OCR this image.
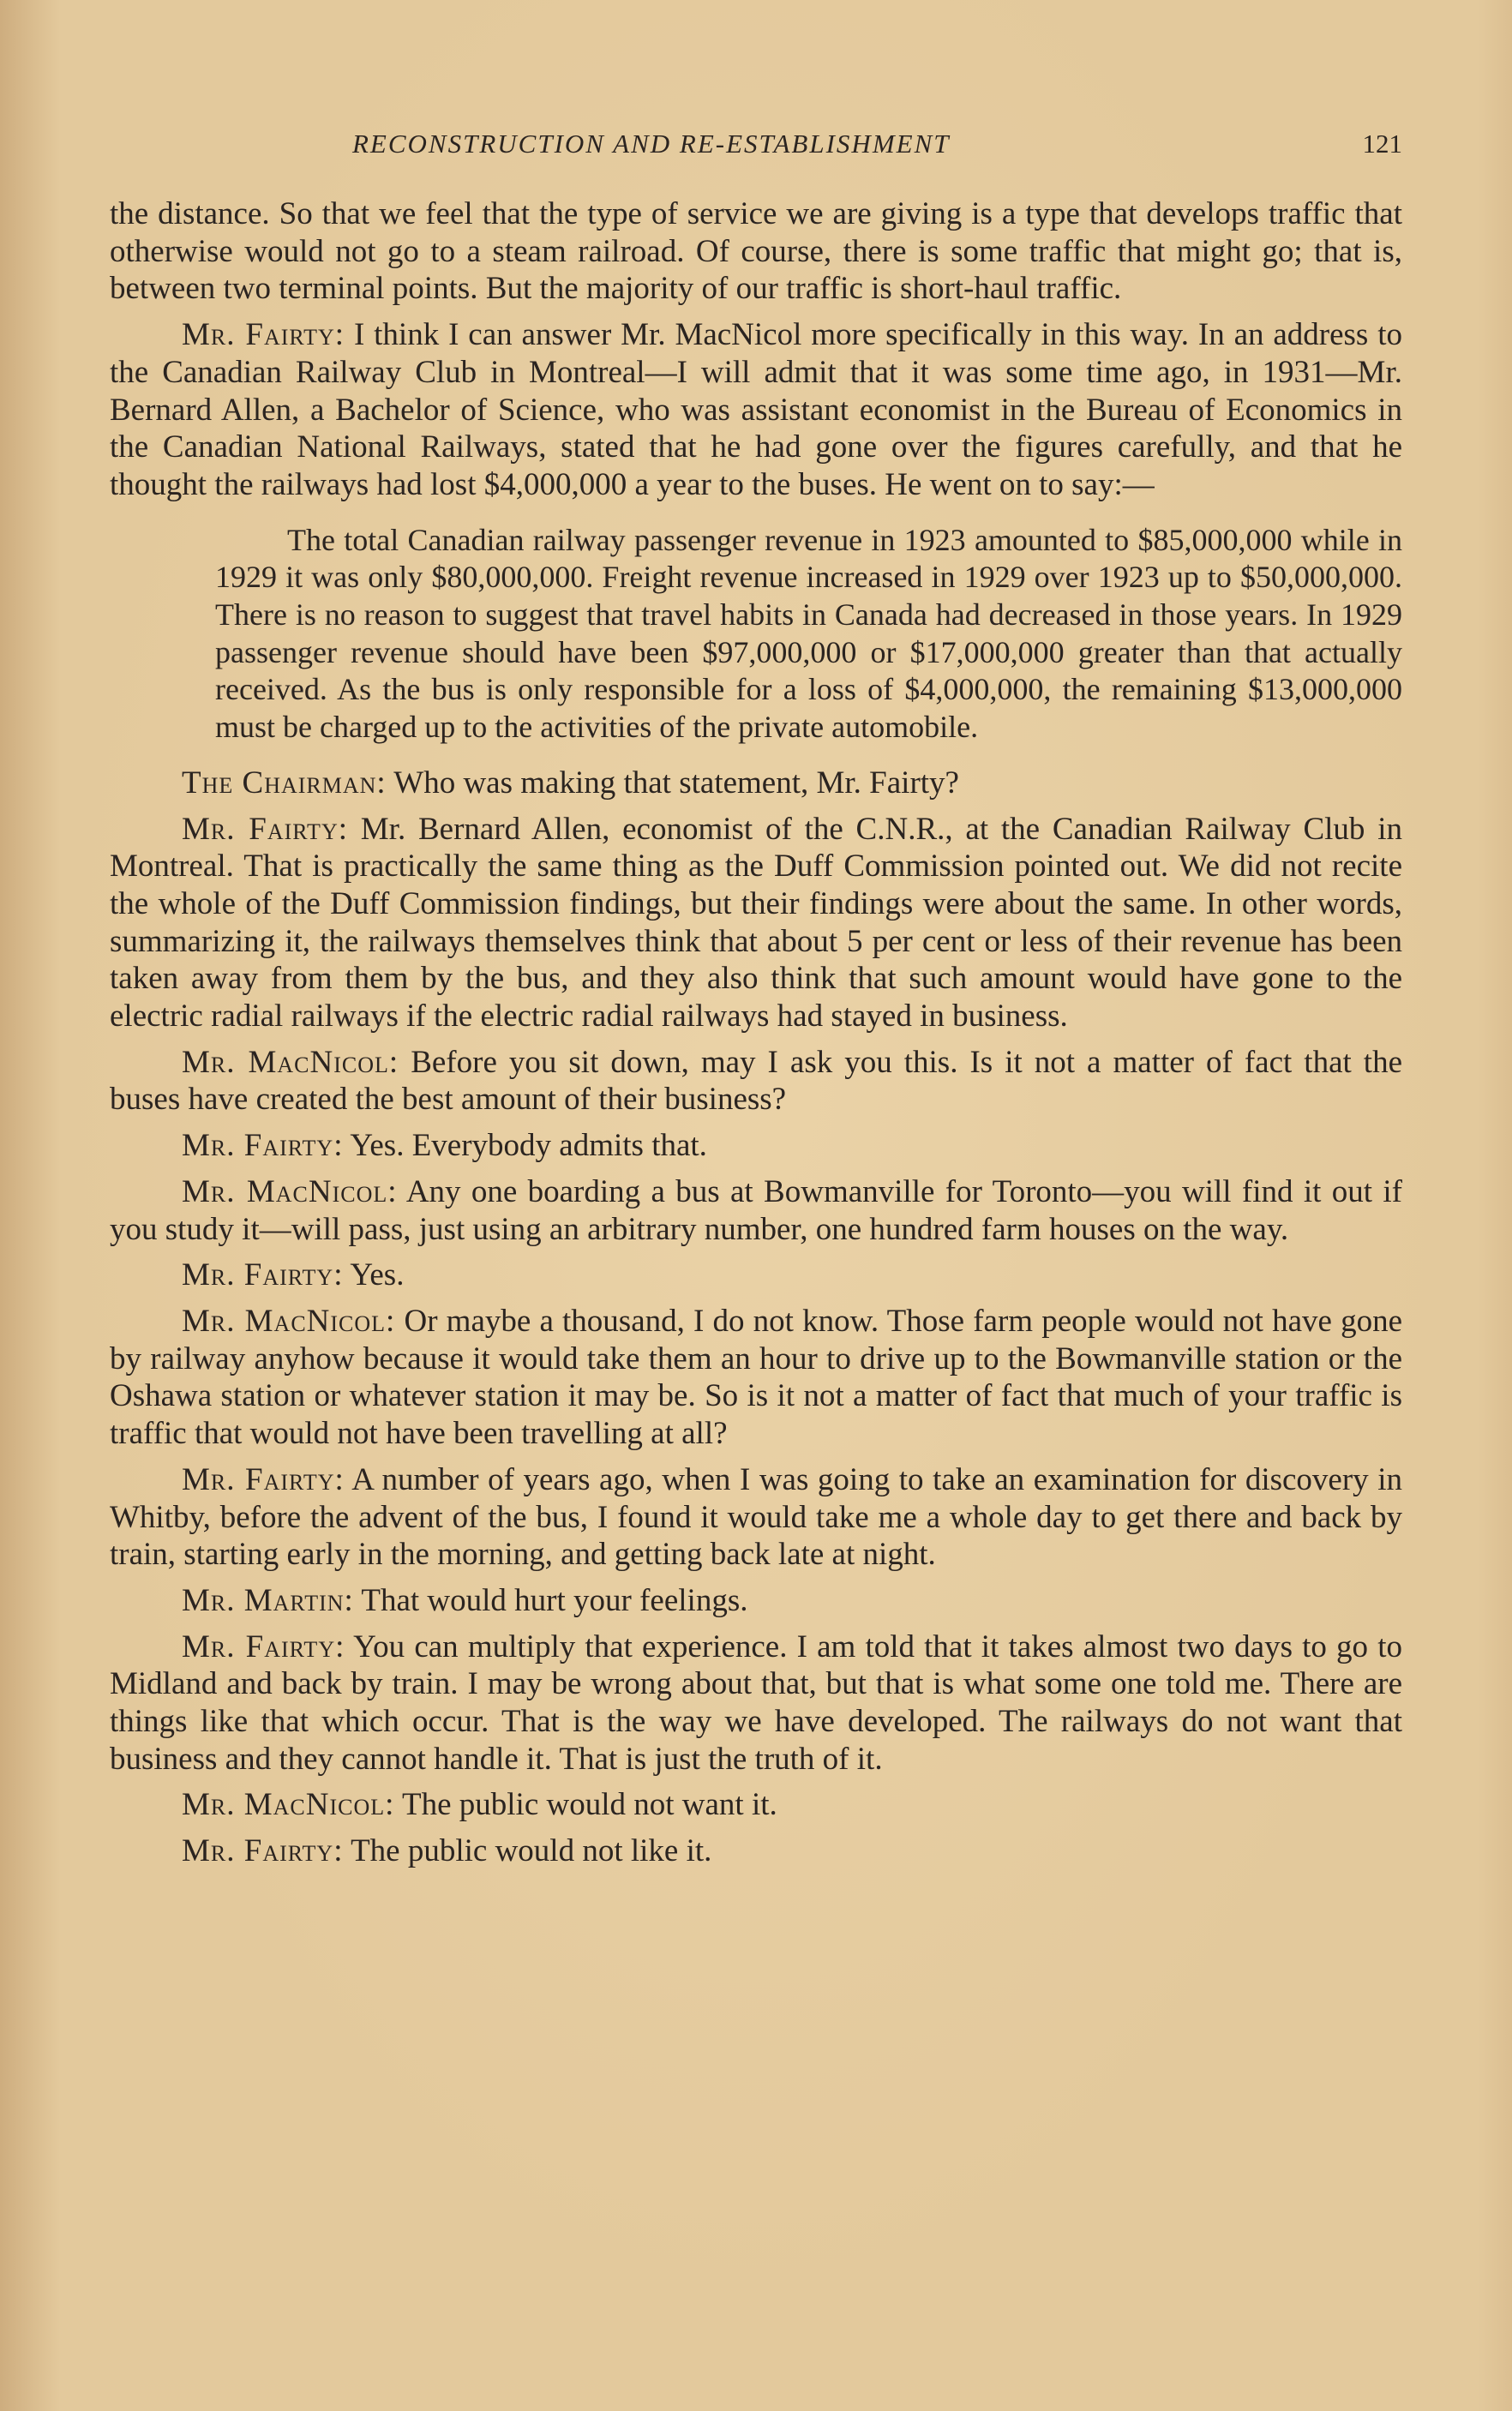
RECONSTRUCTION AND RE-ESTABLISHMENT	121

the distance. So that we feel that the type of service we are giving is a type that develops traffic that otherwise would not go to a steam railroad. Of course, there is some traffic that might go; that is, between two terminal points. But the majority of our traffic is short-haul traffic.

Mr. Fairty: I think I can answer Mr. MacNicol more specifically in this way. In an address to the Canadian Railway Club in Montreal—I will admit that it was some time ago, in 1931—Mr. Bernard Allen, a Bachelor of Science, who was assistant economist in the Bureau of Economics in the Canadian National Railways, stated that he had gone over the figures carefully, and that he thought the railways had lost $4,000,000 a year to the buses. He went on to say:—

The total Canadian railway passenger revenue in 1923 amounted to $85,000,000 while in 1929 it was only $80,000,000. Freight revenue increased in 1929 over 1923 up to $50,000,000. There is no reason to suggest that travel habits in Canada had decreased in those years. In 1929 passenger revenue should have been $97,000,000 or $17,000,000 greater than that actually received. As the bus is only responsible for a loss of $4,000,000, the remaining $13,000,000 must be charged up to the activities of the private automobile.

The Chairman: Who was making that statement, Mr. Fairty?

Mr. Fairty: Mr. Bernard Allen, economist of the C.N.R., at the Canadian Railway Club in Montreal. That is practically the same thing as the Duff Commission pointed out. We did not recite the whole of the Duff Commission findings, but their findings were about the same. In other words, summarizing it, the railways themselves think that about 5 per cent or less of their revenue has been taken away from them by the bus, and they also think that such amount would have gone to the electric radial railways if the electric radial railways had stayed in business.

Mr. MacNicol: Before you sit down, may I ask you this. Is it not a matter of fact that the buses have created the best amount of their business?

Mr. Fairty: Yes. Everybody admits that.

Mr. MacNicol: Any one boarding a bus at Bowmanville for Toronto—you will find it out if you study it—will pass, just using an arbitrary number, one hundred farm houses on the way.

Mr. Fairty: Yes.

Mr. MacNicol: Or maybe a thousand, I do not know. Those farm people would not have gone by railway anyhow because it would take them an hour to drive up to the Bowmanville station or the Oshawa station or whatever station it may be. So is it not a matter of fact that much of your traffic is traffic that would not have been travelling at all?

Mr. Fairty: A number of years ago, when I was going to take an examination for discovery in Whitby, before the advent of the bus, I found it would take me a whole day to get there and back by train, starting early in the morning, and getting back late at night.

Mr. Martin: That would hurt your feelings.

Mr. Fairty: You can multiply that experience. I am told that it takes almost two days to go to Midland and back by train. I may be wrong about that, but that is what some one told me. There are things like that which occur. That is the way we have developed. The railways do not want that business and they cannot handle it. That is just the truth of it.

Mr. MacNicol: The public would not want it.

Mr. Fairty: The public would not like it.
